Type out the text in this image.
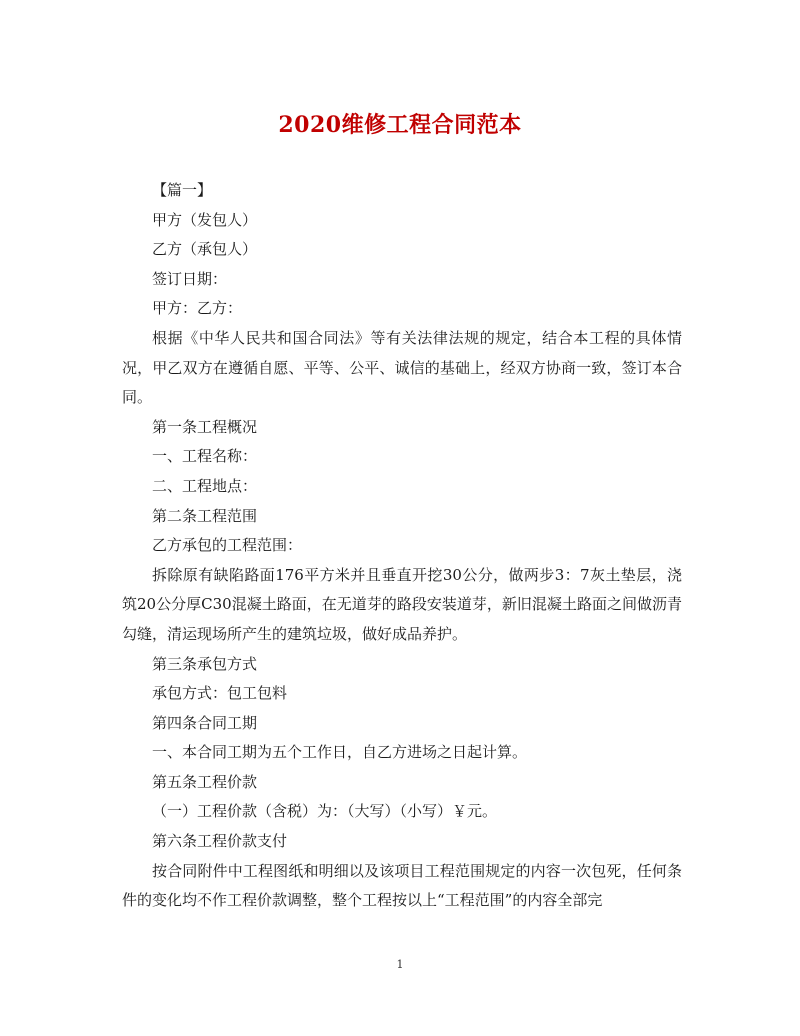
2020维修工程合同范本

【篇一】

甲方（发包人）

乙方（承包人）

签订日期：

甲方：乙方：

根据《中华人民共和国合同法》等有关法律法规的规定，结合本工程的具体情况，甲乙双方在遵循自愿、平等、公平、诚信的基础上，经双方协商一致，签订本合同。

第一条工程概况

一、工程名称：

二、工程地点：

第二条工程范围

乙方承包的工程范围：

拆除原有缺陷路面176平方米并且垂直开挖30公分，做两步3：7灰土垫层，浇筑20公分厚C30混凝土路面，在无道芽的路段安装道芽，新旧混凝土路面之间做沥青勾缝，清运现场所产生的建筑垃圾，做好成品养护。

第三条承包方式

承包方式：包工包料

第四条合同工期

一、本合同工期为五个工作日，自乙方进场之日起计算。

第五条工程价款

（一）工程价款（含税）为：（大写）（小写）￥元。

第六条工程价款支付

按合同附件中工程图纸和明细以及该项目工程范围规定的内容一次包死，任何条件的变化均不作工程价款调整，整个工程按以上“工程范围”的内容全部完

1
